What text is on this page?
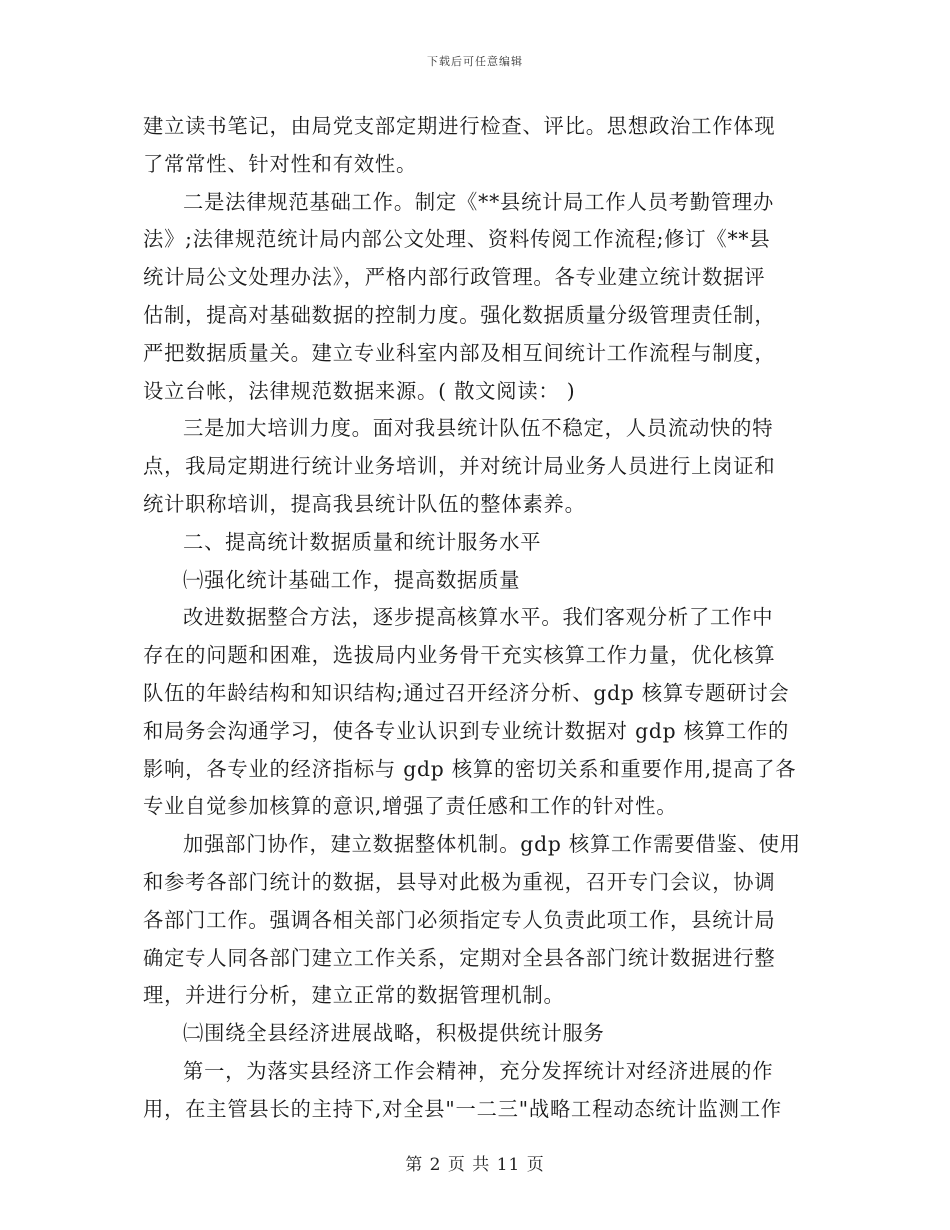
下载后可任意编辑
建立读书笔记，由局党支部定期进行检查、评比。思想政治工作体现
了常常性、针对性和有效性。
二是法律规范基础工作。制定《**县统计局工作人员考勤管理办
法》;法律规范统计局内部公文处理、资料传阅工作流程;修订《**县
统计局公文处理办法》，严格内部行政管理。各专业建立统计数据评
估制，提高对基础数据的控制力度。强化数据质量分级管理责任制，
严把数据质量关。建立专业科室内部及相互间统计工作流程与制度，
设立台帐，法律规范数据来源。( 散文阅读： )
三是加大培训力度。面对我县统计队伍不稳定，人员流动快的特
点，我局定期进行统计业务培训，并对统计局业务人员进行上岗证和
统计职称培训，提高我县统计队伍的整体素养。
二、提高统计数据质量和统计服务水平
㈠强化统计基础工作，提高数据质量
改进数据整合方法，逐步提高核算水平。我们客观分析了工作中
存在的问题和困难，选拔局内业务骨干充实核算工作力量，优化核算
队伍的年龄结构和知识结构;通过召开经济分析、gdp 核算专题研讨会
和局务会沟通学习，使各专业认识到专业统计数据对 gdp 核算工作的
影响，各专业的经济指标与 gdp 核算的密切关系和重要作用,提高了各
专业自觉参加核算的意识,增强了责任感和工作的针对性。
加强部门协作，建立数据整体机制。gdp 核算工作需要借鉴、使用
和参考各部门统计的数据，县导对此极为重视，召开专门会议，协调
各部门工作。强调各相关部门必须指定专人负责此项工作，县统计局
确定专人同各部门建立工作关系，定期对全县各部门统计数据进行整
理，并进行分析，建立正常的数据管理机制。
㈡围绕全县经济进展战略，积极提供统计服务
第一，为落实县经济工作会精神，充分发挥统计对经济进展的作
用，在主管县长的主持下,对全县"一二三"战略工程动态统计监测工作
第 2 页 共 11 页
